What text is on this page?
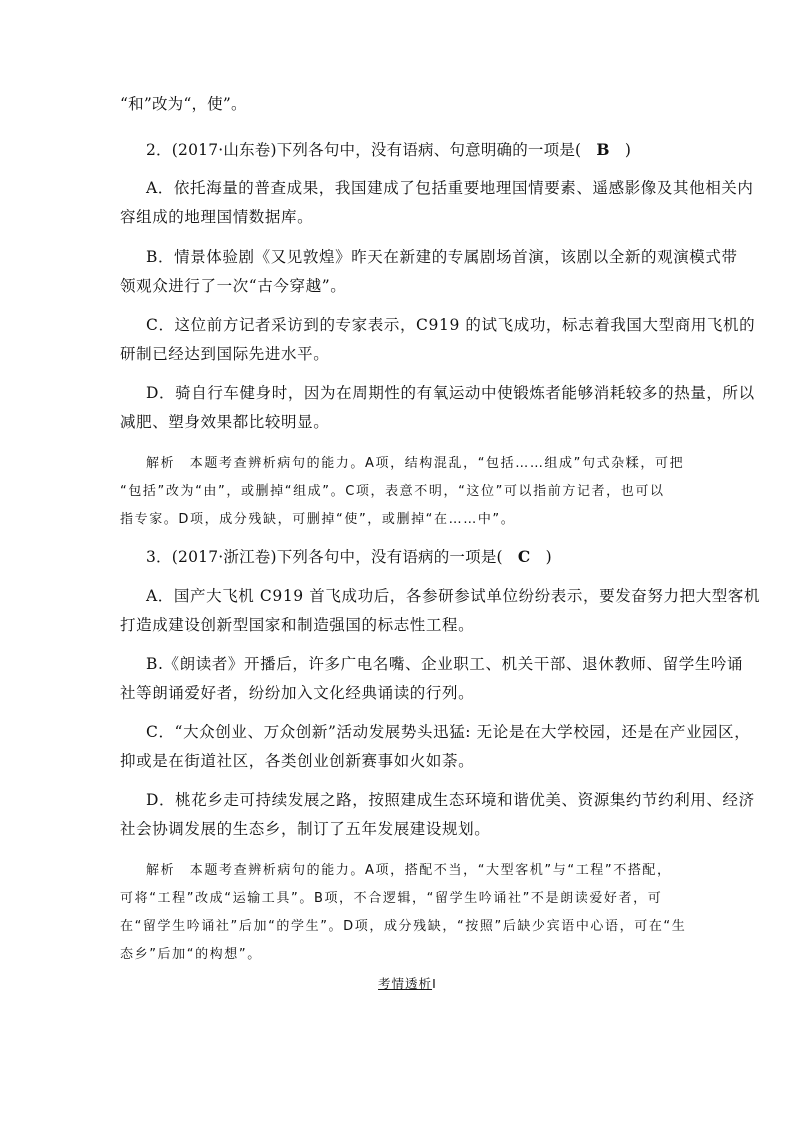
“和”改为“，使”。
2．(2017·山东卷)下列各句中，没有语病、句意明确的一项是( B )
A．依托海量的普查成果，我国建成了包括重要地理国情要素、遥感影像及其他相关内
容组成的地理国情数据库。
B．情景体验剧《又见敦煌》昨天在新建的专属剧场首演，该剧以全新的观演模式带
领观众进行了一次“古今穿越”。
C．这位前方记者采访到的专家表示，C919 的试飞成功，标志着我国大型商用飞机的
研制已经达到国际先进水平。
D．骑自行车健身时，因为在周期性的有氧运动中使锻炼者能够消耗较多的热量，所以
减肥、塑身效果都比较明显。
解析　本题考查辨析病句的能力。A项，结构混乱，“包括……组成”句式杂糅，可把
“包括”改为“由”，或删掉“组成”。C项，表意不明，“这位”可以指前方记者，也可以
指专家。D项，成分残缺，可删掉“使”，或删掉“在……中”。
3．(2017·浙江卷)下列各句中，没有语病的一项是( C )
A．国产大飞机 C919 首飞成功后，各参研参试单位纷纷表示，要发奋努力把大型客机
打造成建设创新型国家和制造强国的标志性工程。
B.《朗读者》开播后，许多广电名嘴、企业职工、机关干部、退休教师、留学生吟诵
社等朗诵爱好者，纷纷加入文化经典诵读的行列。
C．“大众创业、万众创新”活动发展势头迅猛: 无论是在大学校园，还是在产业园区，
抑或是在街道社区，各类创业创新赛事如火如荼。
D．桃花乡走可持续发展之路，按照建成生态环境和谐优美、资源集约节约利用、经济
社会协调发展的生态乡，制订了五年发展建设规划。
解析　本题考查辨析病句的能力。A项，搭配不当，“大型客机”与“工程”不搭配，
可将“工程”改成“运输工具”。B项，不合逻辑，“留学生吟诵社”不是朗读爱好者，可
在“留学生吟诵社”后加“的学生”。D项，成分残缺，“按照”后缺少宾语中心语，可在“生
态乡”后加“的构想”。
考情透析Ⅰ
